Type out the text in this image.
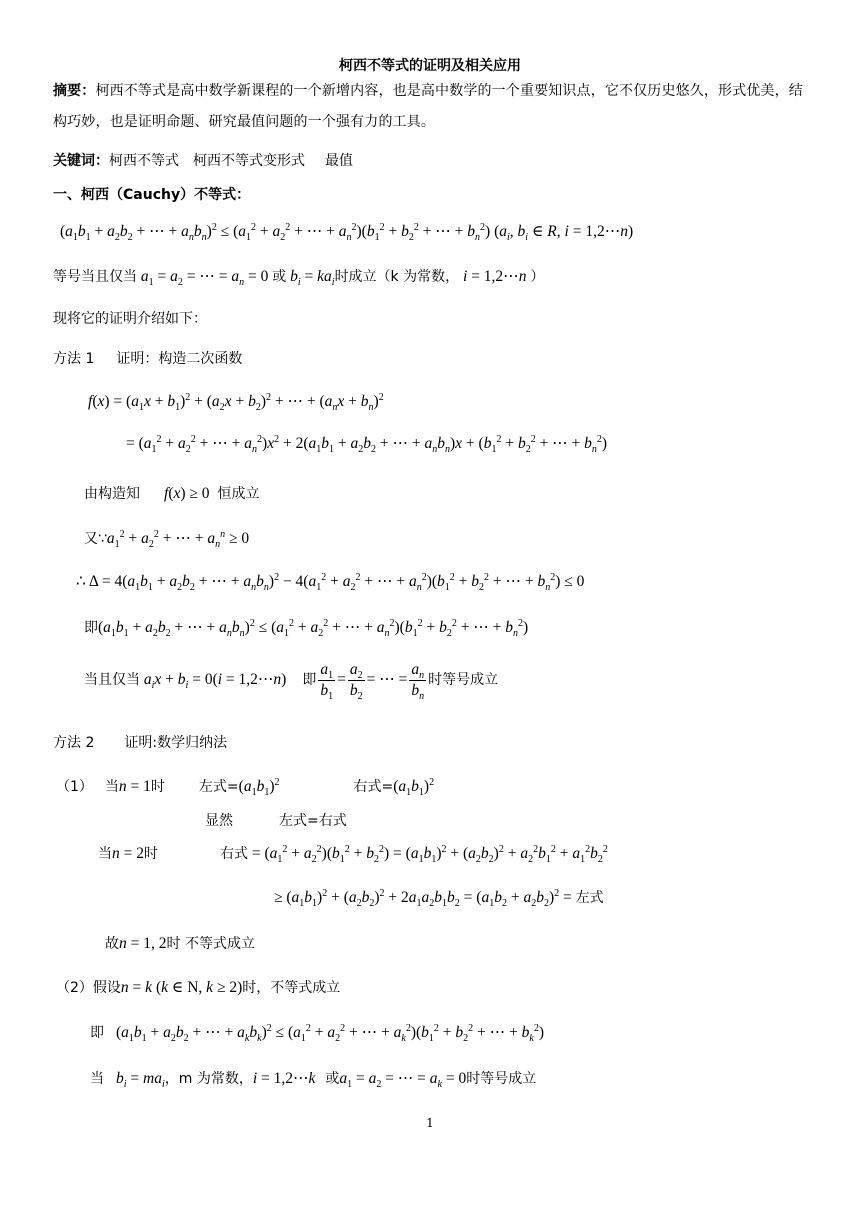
柯西不等式的证明及相关应用
摘要：柯西不等式是高中数学新课程的一个新增内容，也是高中数学的一个重要知识点，它不仅历史悠久，形式优美，结构巧妙，也是证明命题、研究最值问题的一个强有力的工具。
关键词：柯西不等式 柯西不等式变形式 最值
一、柯西（Cauchy）不等式：
($a_1b_1 + a_2b_2$ + ⋯ + $a_nb_n)^2 \le (a_1^2 + a_2^2$ + ⋯ + $a_n^2)(b_1^2 + b_2^2$ + ⋯ + $b_n^2$) ($a_i$, $b_i$ ∈ R, i = 1,2⋯n)
等号当且仅当 $a_1 = a_2$ = ⋯ = $a_n = 0$ 或 $b_i = ka_i$时成立（k 为常数， i = 1,2⋯n ）
现将它的证明介绍如下：
方法 1 证明：构造二次函数
$f(x) = (a_1x + b_1)^2 + (a_2x + b_2)^2$ + ⋯ + $(a_nx + b_n)^2$
= ($a_1^2 + a_2^2$ + ⋯ + $a_n^2)x^2 + 2(a_1b_1 + a_2b_2$ + ⋯ + $a_nb_n)x + (b_1^2 + b_2^2$ + ⋯ + $b_n^2$)
由构造知 f(x) ≥ 0 恒成立
又$\because a_1^2 + a_2^2$ + ⋯ + $a_n^n \ge 0$
∴ $\Delta = 4(a_1b_1 + a_2b_2$ + ⋯ + $a_nb_n)^2 - 4(a_1^2 + a_2^2$ + ⋯ + $a_n^2)(b_1^2 + b_2^2$ + ⋯ + $b_n^2) \le 0$
即($a_1b_1 + a_2b_2$ + ⋯ + $a_nb_n)^2 \le (a_1^2 + a_2^2$ + ⋯ + $a_n^2)(b_1^2 + b_2^2$ + ⋯ + $b_n^2$)
当且仅当 $a_ix + b_i = 0(i$ = 1,2⋯n) 即 $\frac{a_1}{b_1} = \frac{a_2}{b_2}$ = ⋯ = $\frac{a_n}{b_n}$ 时等号成立
方法 2 证明:数学归纳法
（1） 当n = 1时 左式$=(a_1b_1)^2$	右式$=(a_1b_1)^2$
显然	左式=右式
当n = 2时	右式 = $(a_1^2 + a_2^2)(b_1^2 + b_2^2) = (a_1b_1)^2 + (a_2b_2)^2 + a_2^2b_1^2 + a_1^2b_2^2$
≥ $(a_1b_1)^2 + (a_2b_2)^2 + 2a_1a_2b_1b_2 = (a_1b_2 + a_2b_2)^2$ = 左式
故n = 1, 2时 不等式成立
（2）假设n = k (k ∈ N, k ≥ 2)时，不等式成立
即 ($a_1b_1 + a_2b_2$ + ⋯ + $a_kb_k)^2 \le (a_1^2 + a_2^2$ + ⋯ + $a_k^2)(b_1^2 + b_2^2$ + ⋯ + $b_k^2$)
当 $b_i = ma_i$，m 为常数，i = 1,2⋯k 或$a_1 = a_2$ = ⋯ = $a_k = 0$时等号成立
1
